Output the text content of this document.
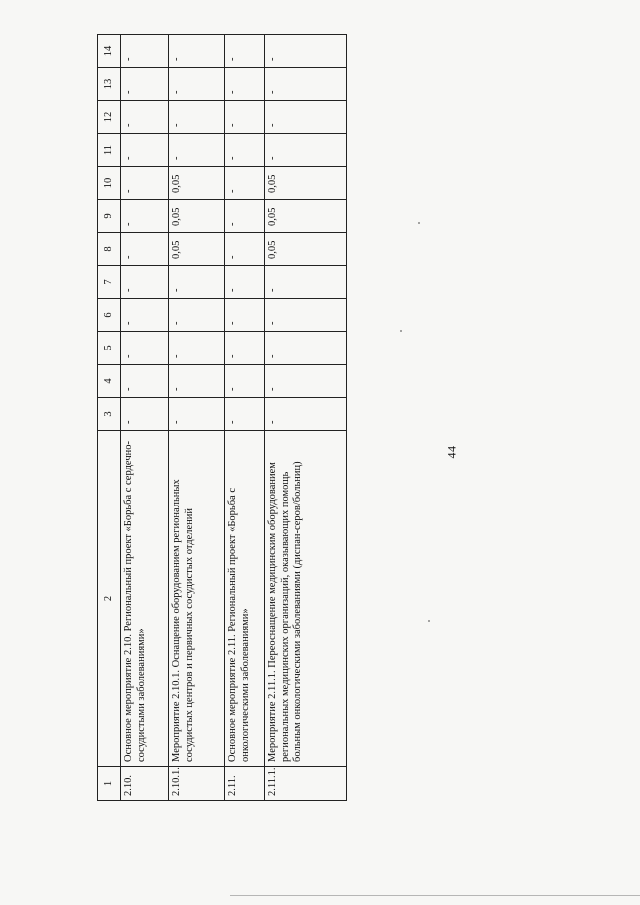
44
1	2	3	4	5	6	7	8	9	10	11	12	13	14
2.10.	Основное мероприятие 2.10. Региональный проект «Борьба с сердечно-сосудистыми заболеваниями»	-	-	-	-	-	-	-	-	-	-	-	-
2.10.1.	Мероприятие 2.10.1. Оснащение оборудованием региональных сосудистых центров и первичных сосудистых отделений	-	-	-	-	-	0,05	0,05	0,05	-	-	-	-
2.11.	Основное мероприятие 2.11. Региональный проект «Борьба с онкологическими заболеваниями»	-	-	-	-	-	-	-	-	-	-	-	-
2.11.1.	Мероприятие 2.11.1. Переоснащение медицинским оборудованием региональных медицинских организаций, оказывающих помощь больным онкологическими заболеваниями (диспан-серов/больниц)	-	-	-	-	-	0,05	0,05	0,05	-	-	-	-
